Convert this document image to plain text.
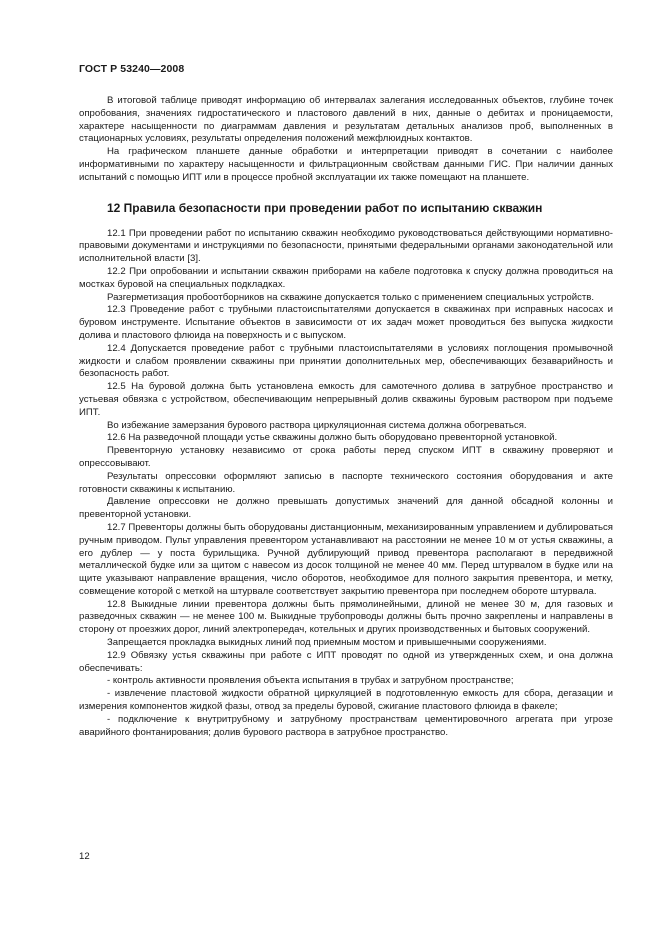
ГОСТ Р 53240—2008

В итоговой таблице приводят информацию об интервалах залегания исследованных объектов, глубине точек опробования, значениях гидростатического и пластового давлений в них, данные о дебитах и проницаемости, характере насыщенности по диаграммам давления и результатам детальных анализов проб, выполненных в стационарных условиях, результаты определения положений межфлюидных контактов.

На графическом планшете данные обработки и интерпретации приводят в сочетании с наиболее информативными по характеру насыщенности и фильтрационным свойствам данными ГИС. При наличии данных испытаний с помощью ИПТ или в процессе пробной эксплуатации их также помещают на планшете.

12 Правила безопасности при проведении работ по испытанию скважин

12.1 При проведении работ по испытанию скважин необходимо руководствоваться действующими нормативно-правовыми документами и инструкциями по безопасности, принятыми федеральными органами законодательной или исполнительной власти [3].

12.2 При опробовании и испытании скважин приборами на кабеле подготовка к спуску должна проводиться на мостках буровой на специальных подкладках.

Разгерметизация пробоотборников на скважине допускается только с применением специальных устройств.

12.3 Проведение работ с трубными пластоиспытателями допускается в скважинах при исправных насосах и буровом инструменте. Испытание объектов в зависимости от их задач может проводиться без выпуска жидкости долива и пластового флюида на поверхность и с выпуском.

12.4 Допускается проведение работ с трубными пластоиспытателями в условиях поглощения промывочной жидкости и слабом проявлении скважины при принятии дополнительных мер, обеспечивающих безаварийность и безопасность работ.

12.5 На буровой должна быть установлена емкость для самотечного долива в затрубное пространство и устьевая обвязка с устройством, обеспечивающим непрерывный долив скважины буровым раствором при подъеме ИПТ.

Во избежание замерзания бурового раствора циркуляционная система должна обогреваться.

12.6 На разведочной площади устье скважины должно быть оборудовано превенторной установкой.

Превенторную установку независимо от срока работы перед спуском ИПТ в скважину проверяют и опрессовывают.

Результаты опрессовки оформляют записью в паспорте технического состояния оборудования и акте готовности скважины к испытанию.

Давление опрессовки не должно превышать допустимых значений для данной обсадной колонны и превенторной установки.

12.7 Превенторы должны быть оборудованы дистанционным, механизированным управлением и дублироваться ручным приводом. Пульт управления превентором устанавливают на расстоянии не менее 10 м от устья скважины, а его дублер — у поста бурильщика. Ручной дублирующий привод превентора располагают в передвижной металлической будке или за щитом с навесом из досок толщиной не менее 40 мм. Перед штурвалом в будке или на щите указывают направление вращения, число оборотов, необходимое для полного закрытия превентора, и метку, совмещение которой с меткой на штурвале соответствует закрытию превентора при последнем обороте штурвала.

12.8 Выкидные линии превентора должны быть прямолинейными, длиной не менее 30 м, для газовых и разведочных скважин — не менее 100 м. Выкидные трубопроводы должны быть прочно закреплены и направлены в сторону от проезжих дорог, линий электропередач, котельных и других производственных и бытовых сооружений.

Запрещается прокладка выкидных линий под приемным мостом и привышечными сооружениями.

12.9 Обвязку устья скважины при работе с ИПТ проводят по одной из утвержденных схем, и она должна обеспечивать:

- контроль активности проявления объекта испытания в трубах и затрубном пространстве;

- извлечение пластовой жидкости обратной циркуляцией в подготовленную емкость для сбора, дегазации и измерения компонентов жидкой фазы, отвод за пределы буровой, сжигание пластового флюида в факеле;

- подключение к внутритрубному и затрубному пространствам цементировочного агрегата при угрозе аварийного фонтанирования; долив бурового раствора в затрубное пространство.

12
